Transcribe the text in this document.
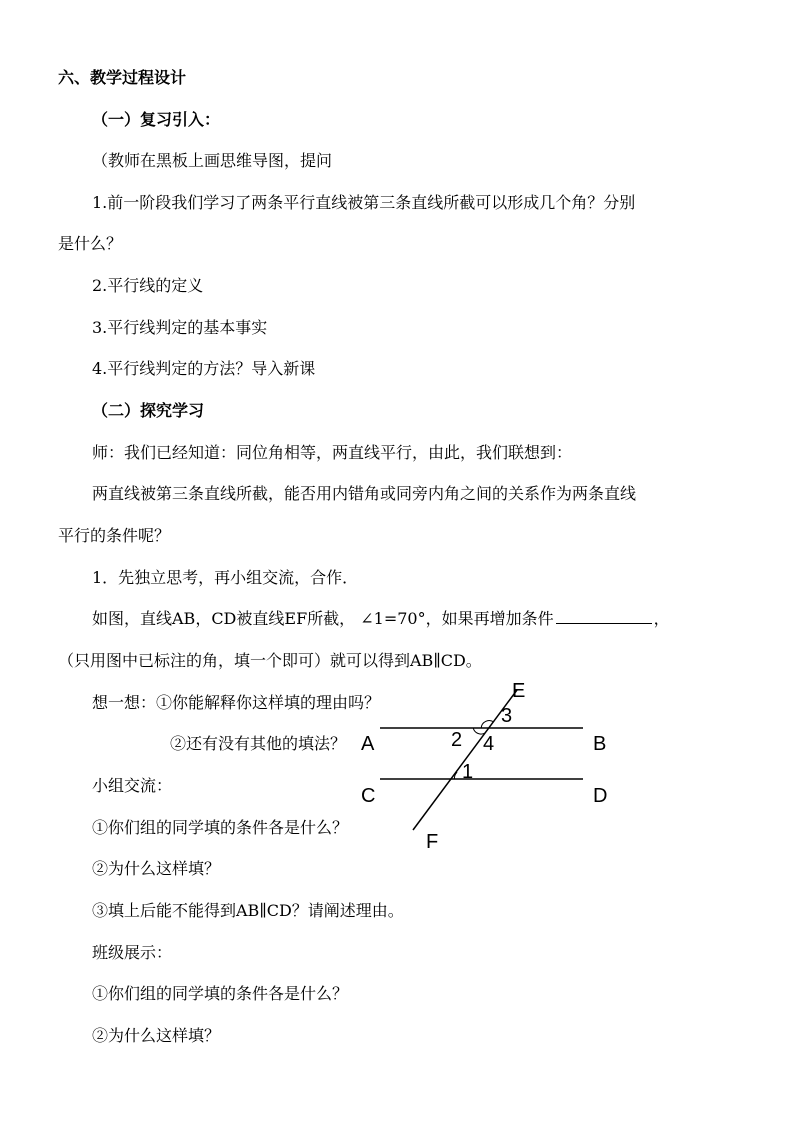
六、教学过程设计
（一）复习引入：
（教师在黑板上画思维导图，提问
1.前一阶段我们学习了两条平行直线被第三条直线所截可以形成几个角？分别
是什么？
2.平行线的定义
3.平行线判定的基本事实
4.平行线判定的方法？导入新课
（二）探究学习
师：我们已经知道：同位角相等，两直线平行，由此，我们联想到：
两直线被第三条直线所截，能否用内错角或同旁内角之间的关系作为两条直线
平行的条件呢？
1．先独立思考，再小组交流，合作．
如图，直线AB，CD被直线EF所截， ∠1=70°，如果再增加条件	，
（只用图中已标注的角，填一个即可）就可以得到AB∥CD。
想一想：①你能解释你这样填的理由吗？
②还有没有其他的填法？
小组交流：
①你们组的同学填的条件各是什么？
②为什么这样填？
③填上后能不能得到AB∥CD？请阐述理由。
班级展示：
①你们组的同学填的条件各是什么？
②为什么这样填？
E
F
A	B
C	D
3
2 4
1
